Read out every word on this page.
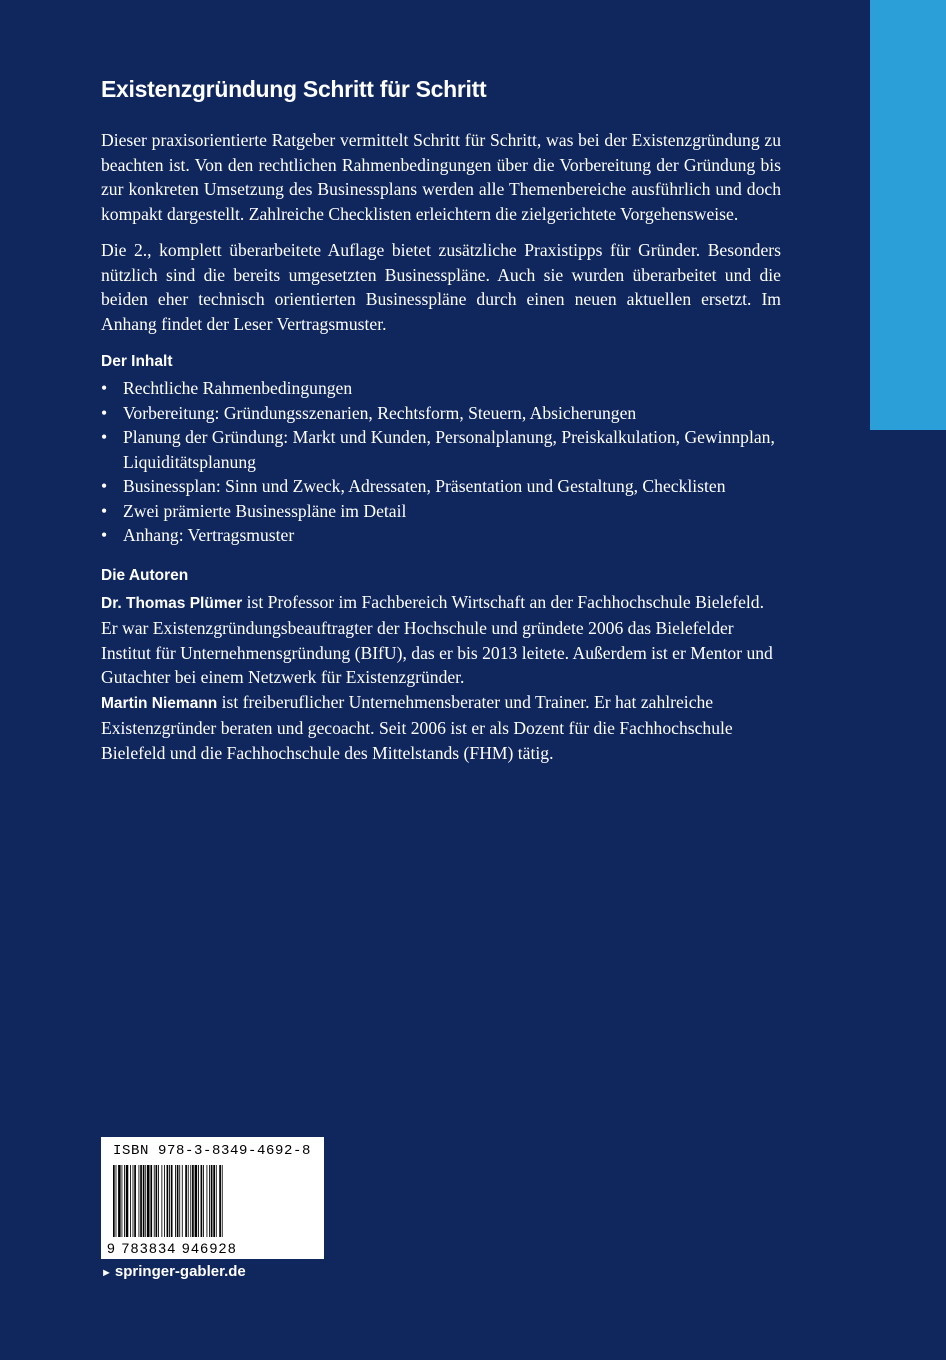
Existenzgründung Schritt für Schritt

Dieser praxisorientierte Ratgeber vermittelt Schritt für Schritt, was bei der Existenzgründung zu beachten ist. Von den rechtlichen Rahmenbedingungen über die Vorbereitung der Gründung bis zur konkreten Umsetzung des Businessplans werden alle Themenbereiche ausführlich und doch kompakt dargestellt. Zahlreiche Checklisten erleichtern die zielgerichtete Vorgehensweise.

Die 2., komplett überarbeitete Auflage bietet zusätzliche Praxistipps für Gründer. Besonders nützlich sind die bereits umgesetzten Businesspläne. Auch sie wurden überarbeitet und die beiden eher technisch orientierten Businesspläne durch einen neuen aktuellen ersetzt. Im Anhang findet der Leser Vertragsmuster.

Der Inhalt
• Rechtliche Rahmenbedingungen
• Vorbereitung: Gründungsszenarien, Rechtsform, Steuern, Absicherungen
• Planung der Gründung: Markt und Kunden, Personalplanung, Preiskalkulation, Gewinnplan, Liquiditätsplanung
• Businessplan: Sinn und Zweck, Adressaten, Präsentation und Gestaltung, Checklisten
• Zwei prämierte Businesspläne im Detail
• Anhang: Vertragsmuster
Die Autoren

Dr. Thomas Plümer ist Professor im Fachbereich Wirtschaft an der Fachhochschule Bielefeld. Er war Existenzgründungsbeauftragter der Hochschule und gründete 2006 das Bielefelder Institut für Unternehmensgründung (BIfU), das er bis 2013 leitete. Außerdem ist er Mentor und Gutachter bei einem Netzwerk für Existenzgründer.

Martin Niemann ist freiberuflicher Unternehmensberater und Trainer. Er hat zahlreiche Existenzgründer beraten und gecoacht. Seit 2006 ist er als Dozent für die Fachhochschule Bielefeld und die Fachhochschule des Mittelstands (FHM) tätig.

ISBN 978-3-8349-4692-8
9 783834 946928
► springer-gabler.de
